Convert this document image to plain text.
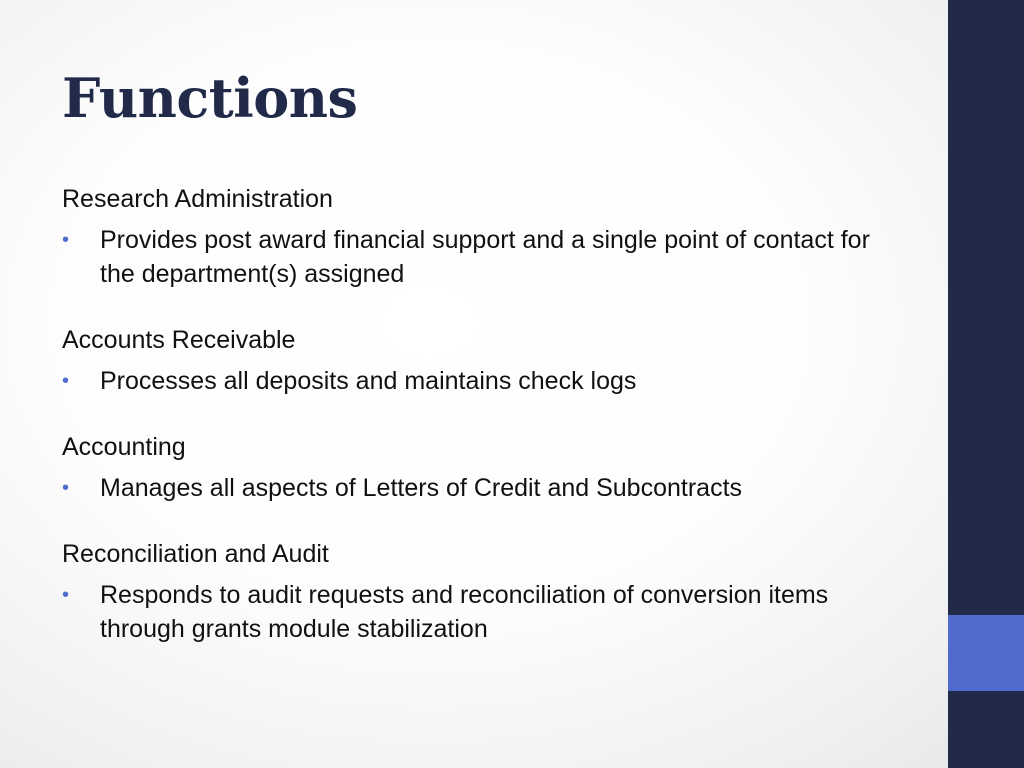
Functions
Research Administration
• Provides post award financial support and a single point of contact for the department(s) assigned
Accounts Receivable
• Processes all deposits and maintains check logs
Accounting
• Manages all aspects of Letters of Credit and Subcontracts
Reconciliation and Audit
• Responds to audit requests and reconciliation of conversion items through grants module stabilization
